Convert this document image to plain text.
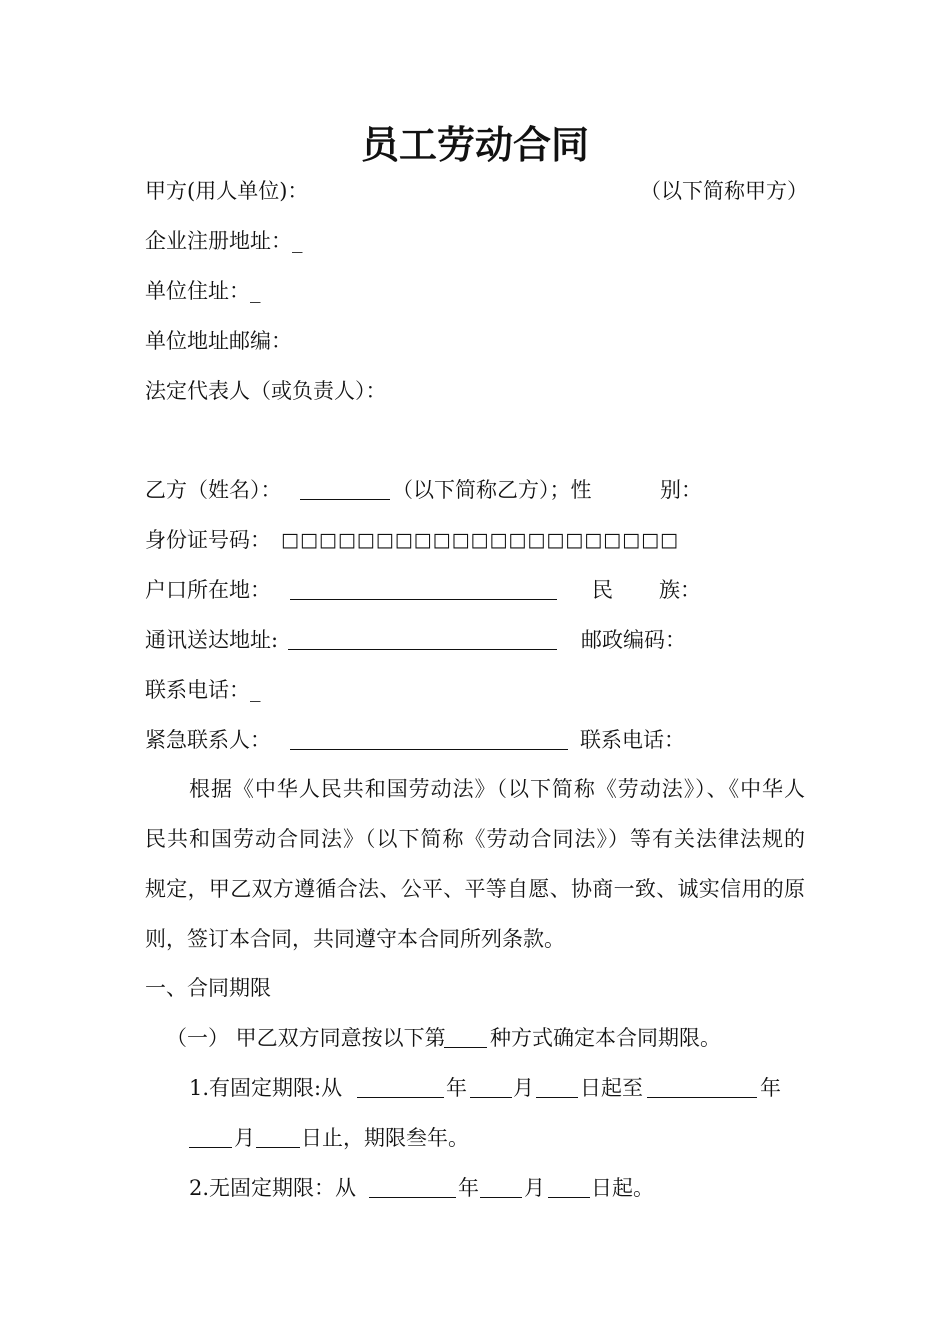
员工劳动合同
甲方(用人单位)：	（以下简称甲方）
企业注册地址：_
单位住址：_
单位地址邮编：
法定代表人（或负责人）：
乙方（姓名）：	（以下简称乙方）；性	别：
身份证号码： □□□□□□□□□□□□□□□□□□□□□
户口所在地：	民 族：
通讯送达地址:	邮政编码：
联系电话：_
紧急联系人：	联系电话：
根据《中华人民共和国劳动法》（以下简称《劳动法》）、《中华人
民共和国劳动合同法》（以下简称《劳动合同法》）等有关法律法规的
规定，甲乙双方遵循合法、公平、平等自愿、协商一致、诚实信用的原
则，签订本合同，共同遵守本合同所列条款。
一、合同期限
（一） 甲乙双方同意按以下第 种方式确定本合同期限。
1.有固定期限:从	年 月 日起至	年
月 日止，期限叁年。
2.无固定期限：从	年 月 日起。
